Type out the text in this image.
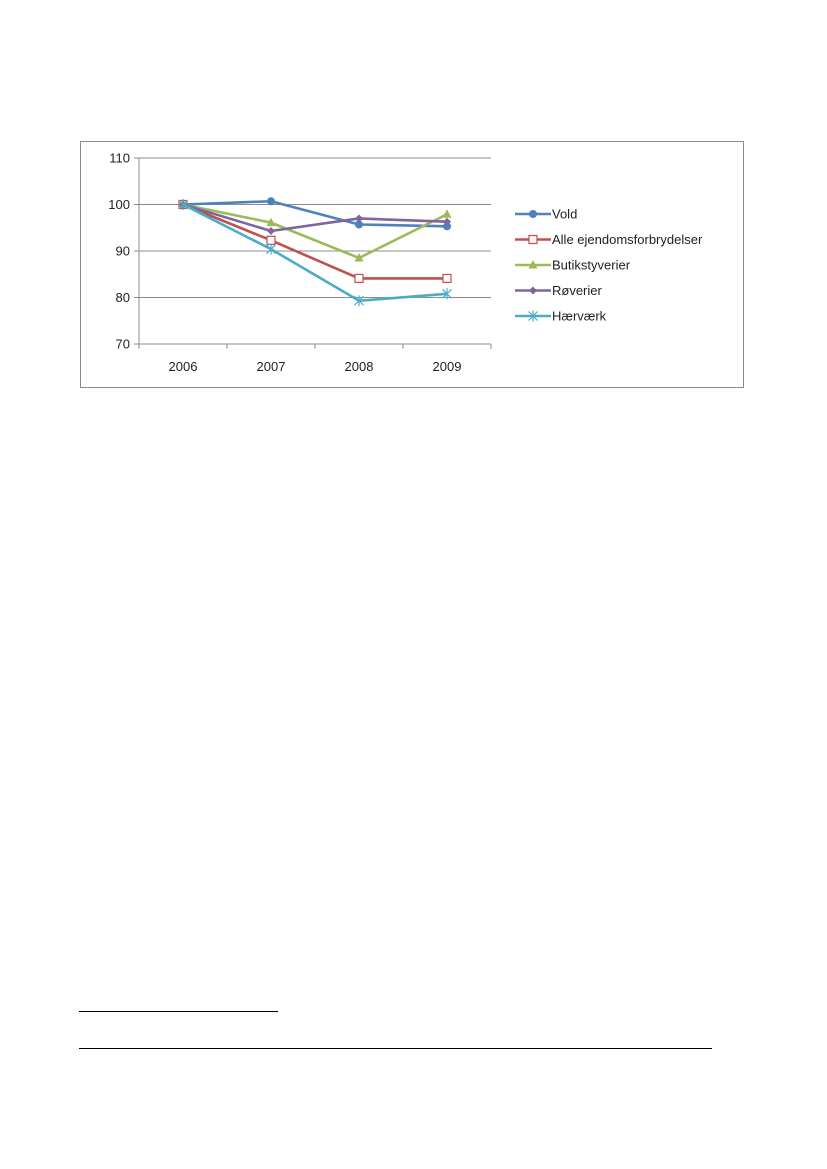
70
80
90
100
110
2006	2007	2008	2009
Vold
Alle ejendomsforbrydelser
Butikstyverier
Røverier
Hærværk
